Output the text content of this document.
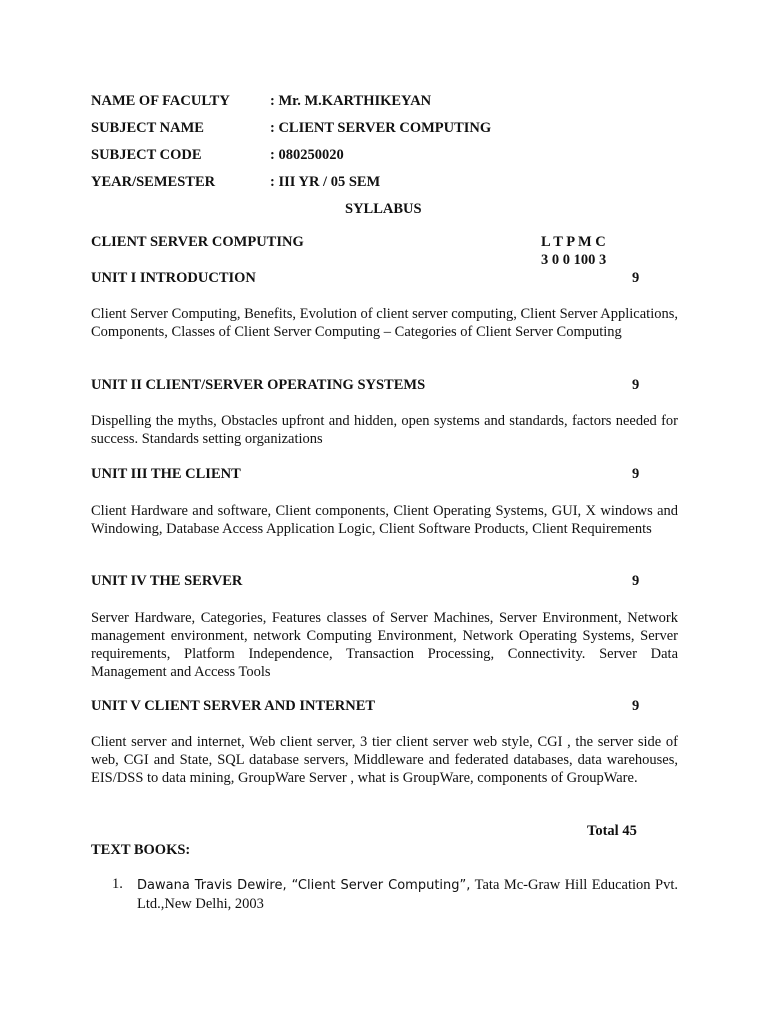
NAME OF FACULTY	: Mr. M.KARTHIKEYAN
SUBJECT NAME	: CLIENT SERVER COMPUTING
SUBJECT CODE	: 080250020
YEAR/SEMESTER	: III YR / 05 SEM
SYLLABUS
CLIENT SERVER COMPUTING	L T P M C
3 0 0 100 3
UNIT I INTRODUCTION	9
Client Server Computing, Benefits, Evolution of client server computing, Client Server Applications, Components, Classes of Client Server Computing – Categories of Client Server Computing
UNIT II CLIENT/SERVER OPERATING SYSTEMS	9
Dispelling the myths, Obstacles upfront and hidden, open systems and standards, factors needed for success. Standards setting organizations
UNIT III THE CLIENT	9
Client Hardware and software, Client components, Client Operating Systems, GUI, X windows and Windowing, Database Access Application Logic, Client Software Products, Client Requirements
UNIT IV THE SERVER	9
Server Hardware, Categories, Features classes of Server Machines, Server Environment, Network management environment, network Computing Environment, Network Operating Systems, Server requirements, Platform Independence, Transaction Processing, Connectivity. Server Data Management and Access Tools
UNIT V CLIENT SERVER AND INTERNET	9
Client server and internet, Web client server, 3 tier client server web style, CGI , the server side of web, CGI and State, SQL database servers, Middleware and federated databases, data warehouses, EIS/DSS to data mining, GroupWare Server , what is GroupWare, components of GroupWare.
Total 45
TEXT BOOKS:
1. Dawana Travis Dewire, “Client Server Computing”, Tata Mc-Graw Hill Education Pvt. Ltd.,New Delhi, 2003
